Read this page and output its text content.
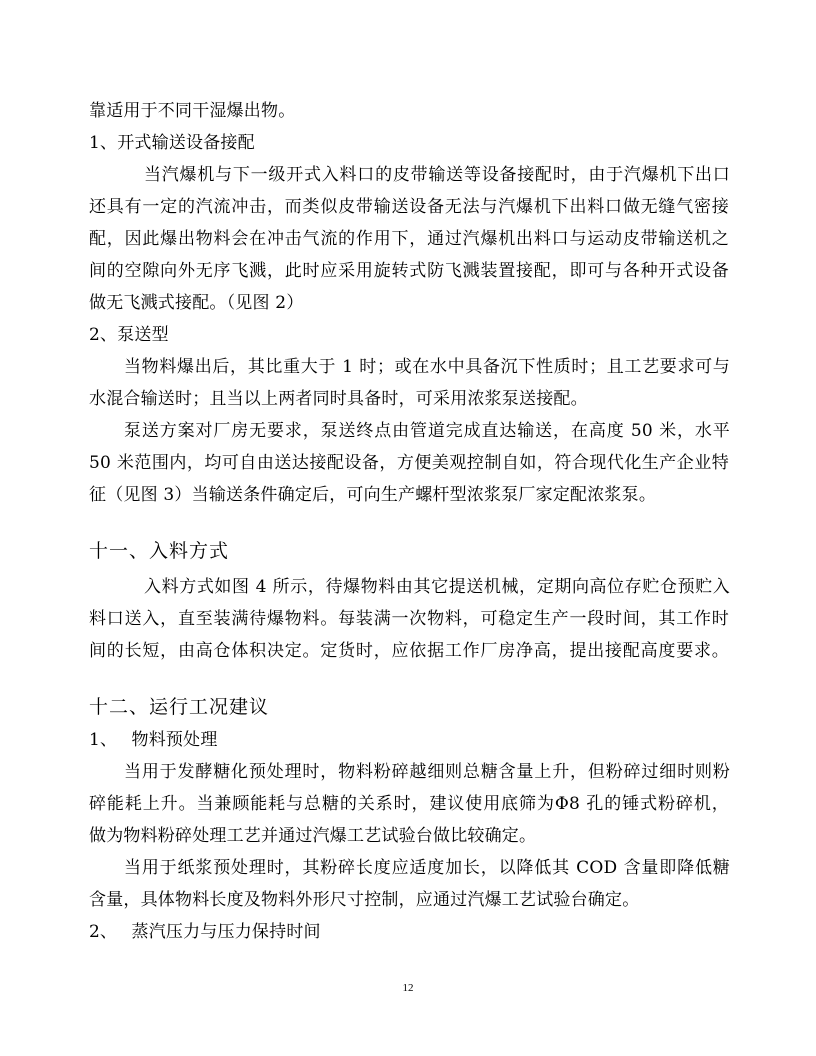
靠适用于不同干湿爆出物。
1、开式输送设备接配
当汽爆机与下一级开式入料口的皮带输送等设备接配时，由于汽爆机下出口
还具有一定的汽流冲击，而类似皮带输送设备无法与汽爆机下出料口做无缝气密接
配，因此爆出物料会在冲击气流的作用下，通过汽爆机出料口与运动皮带输送机之
间的空隙向外无序飞溅，此时应采用旋转式防飞溅装置接配，即可与各种开式设备
做无飞溅式接配。（见图 2）
2、泵送型
当物料爆出后，其比重大于 1 时；或在水中具备沉下性质时；且工艺要求可与
水混合输送时；且当以上两者同时具备时，可采用浓浆泵送接配。
泵送方案对厂房无要求，泵送终点由管道完成直达输送，在高度 50 米，水平
50 米范围内，均可自由送达接配设备，方便美观控制自如，符合现代化生产企业特
征（见图 3）当输送条件确定后，可向生产螺杆型浓浆泵厂家定配浓浆泵。
十一、入料方式
入料方式如图 4 所示，待爆物料由其它提送机械，定期向高位存贮仓预贮入
料口送入，直至装满待爆物料。每装满一次物料，可稳定生产一段时间，其工作时
间的长短，由高仓体积决定。定货时，应依据工作厂房净高，提出接配高度要求。
十二、运行工况建议
1、　 物料预处理
当用于发酵糖化预处理时，物料粉碎越细则总糖含量上升，但粉碎过细时则粉
碎能耗上升。当兼顾能耗与总糖的关系时，建议使用底筛为Φ8 孔的锤式粉碎机，
做为物料粉碎处理工艺并通过汽爆工艺试验台做比较确定。
当用于纸浆预处理时，其粉碎长度应适度加长，以降低其 COD 含量即降低糖
含量，具体物料长度及物料外形尺寸控制，应通过汽爆工艺试验台确定。
2、　 蒸汽压力与压力保持时间
12
